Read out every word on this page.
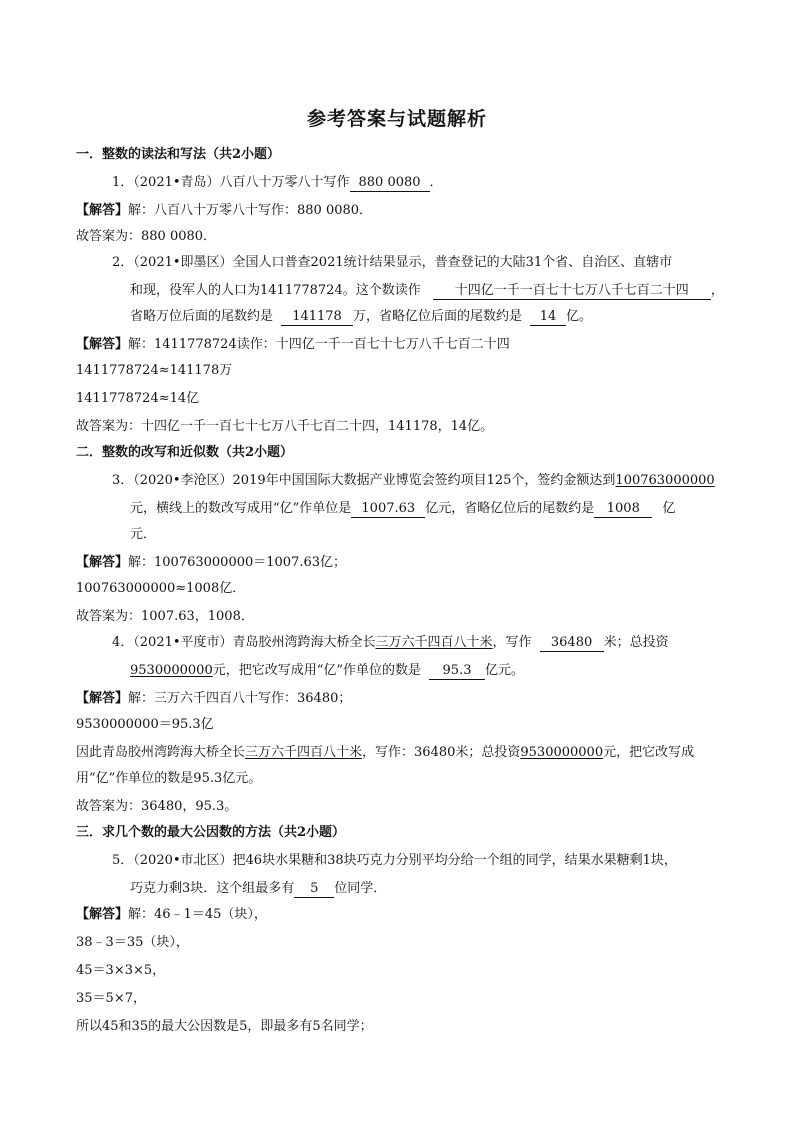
参考答案与试题解析
一．整数的读法和写法（共2小题）
1．（2021•青岛）八百八十万零八十写作 880 0080 ．
【解答】解：八百八十万零八十写作：880 0080．
故答案为：880 0080．
2．（2021•即墨区）全国人口普查2021统计结果显示，普查登记的大陆31个省、自治区、直辖市
和现，役军人的人口为1411778724。这个数读作	十四亿一千一百七十七万八千七百二十四 ，
省略万位后面的尾数约是 141178 万，省略亿位后面的尾数约是 14 亿。
【解答】解：1411778724读作：十四亿一千一百七十七万八千七百二十四
1411778724≈141178万
1411778724≈14亿
故答案为：十四亿一千一百七十七万八千七百二十四，141178，14亿。
二．整数的改写和近似数（共2小题）
3．（2020•李沧区）2019年中国国际大数据产业博览会签约项目125个，签约金额达到100763000000
元，横线上的数改写成用“亿”作单位是 1007.63 亿元，省略亿位后的尾数约是 1008 亿
元．
【解答】解：100763000000＝1007.63亿；
100763000000≈1008亿．
故答案为：1007.63，1008．
4．（2021•平度市）青岛胶州湾跨海大桥全长三万六千四百八十米，写作 36480 米；总投资
9530000000元，把它改写成用“亿”作单位的数是 95.3 亿元。
【解答】解：三万六千四百八十写作：36480；
9530000000＝95.3亿
因此青岛胶州湾跨海大桥全长三万六千四百八十米，写作：36480米；总投资9530000000元，把它改写成
用“亿”作单位的数是95.3亿元。
故答案为：36480，95.3。
三．求几个数的最大公因数的方法（共2小题）
5．（2020•市北区）把46块水果糖和38块巧克力分别平均分给一个组的同学，结果水果糖剩1块，
巧克力剩3块．这个组最多有 5 位同学．
【解答】解：46﹣1＝45（块），
38﹣3＝35（块），
45＝3×3×5，
35＝5×7，
所以45和35的最大公因数是5，即最多有5名同学；
